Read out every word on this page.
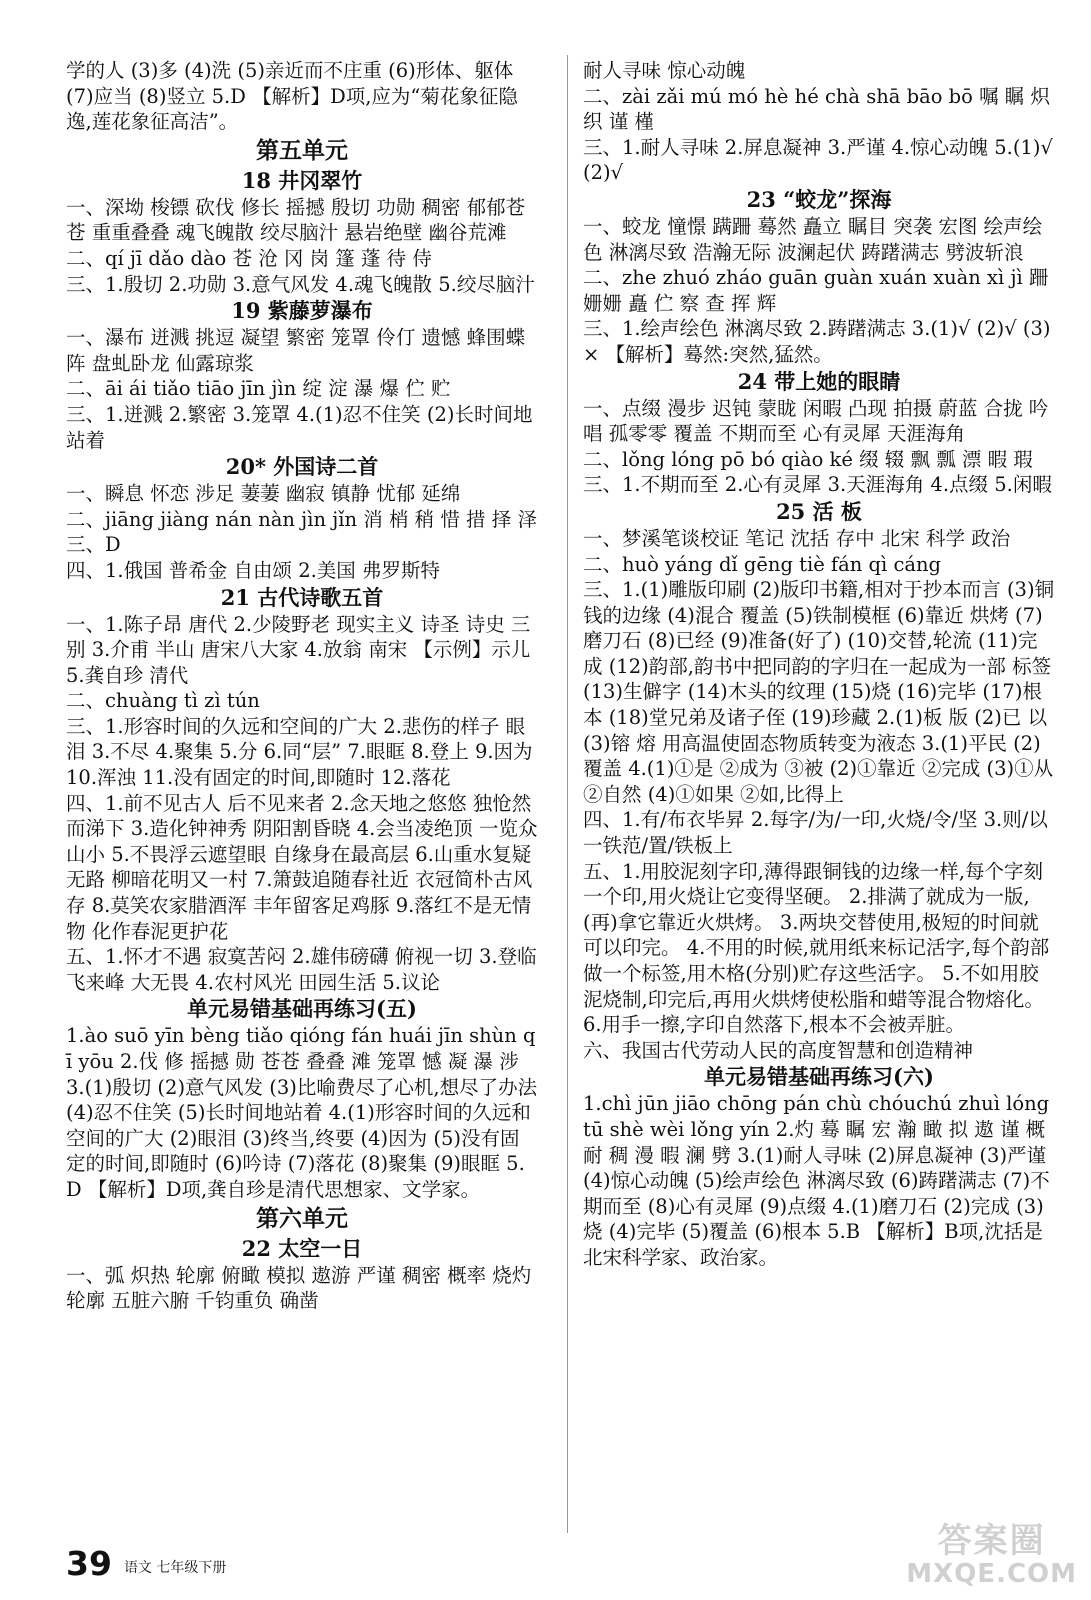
学的人 (3)多 (4)洗 (5)亲近而不庄重 (6)形体、躯体 (7)应当 (8)竖立 5.D 【解析】D项,应为“菊花象征隐逸,莲花象征高洁”。
第五单元
18 井冈翠竹
一、深坳 梭镖 砍伐 修长 摇撼 殷切 功勋 稠密 郁郁苍苍 重重叠叠 魂飞魄散 绞尽脑汁 悬岩绝壁 幽谷荒滩
二、qí jī dǎo dào 苍 沧 冈 岗 篷 蓬 待 侍
三、1.殷切 2.功勋 3.意气风发 4.魂飞魄散 5.绞尽脑汁
19 紫藤萝瀑布
一、瀑布 迸溅 挑逗 凝望 繁密 笼罩 伶仃 遗憾 蜂围蝶阵 盘虬卧龙 仙露琼浆
二、āi ái tiǎo tiāo jīn jìn 绽 淀 瀑 爆 伫 贮
三、1.迸溅 2.繁密 3.笼罩 4.(1)忍不住笑 (2)长时间地站着
20* 外国诗二首
一、瞬息 怀恋 涉足 萋萋 幽寂 镇静 忧郁 延绵
二、jiāng jiàng nán nàn jìn jǐn 消 梢 稍 惜 措 择 泽
三、D
四、1.俄国 普希金 自由颂 2.美国 弗罗斯特
21 古代诗歌五首
一、1.陈子昂 唐代 2.少陵野老 现实主义 诗圣 诗史 三别 3.介甫 半山 唐宋八大家 4.放翁 南宋 【示例】示儿 5.龚自珍 清代
二、chuàng tì zì tún
三、1.形容时间的久远和空间的广大 2.悲伤的样子 眼泪 3.不尽 4.聚集 5.分 6.同“层” 7.眼眶 8.登上 9.因为 10.浑浊 11.没有固定的时间,即随时 12.落花
四、1.前不见古人 后不见来者 2.念天地之悠悠 独怆然而涕下 3.造化钟神秀 阴阳割昏晓 4.会当凌绝顶 一览众山小 5.不畏浮云遮望眼 自缘身在最高层 6.山重水复疑无路 柳暗花明又一村 7.箫鼓追随春社近 衣冠简朴古风存 8.莫笑农家腊酒浑 丰年留客足鸡豚 9.落红不是无情物 化作春泥更护花
五、1.怀才不遇 寂寞苦闷 2.雄伟磅礴 俯视一切 3.登临飞来峰 大无畏 4.农村风光 田园生活 5.议论
单元易错基础再练习(五)
1.ào suō yīn bèng tiǎo qióng fán huái jīn shùn qī yōu 2.伐 修 摇撼 勋 苍苍 叠叠 滩 笼罩 憾 凝 瀑 涉 3.(1)殷切 (2)意气风发 (3)比喻费尽了心机,想尽了办法 (4)忍不住笑 (5)长时间地站着 4.(1)形容时间的久远和空间的广大 (2)眼泪 (3)终当,终要 (4)因为 (5)没有固定的时间,即随时 (6)吟诗 (7)落花 (8)聚集 (9)眼眶 5.D 【解析】D项,龚自珍是清代思想家、文学家。
第六单元
22 太空一日
一、弧 炽热 轮廓 俯瞰 模拟 遨游 严谨 稠密 概率 烧灼 轮廓 五脏六腑 千钧重负 确凿
耐人寻味 惊心动魄
二、zài zǎi mú mó hè hé chà shā bāo bō 嘱 瞩 炽 织 谨 槿
三、1.耐人寻味 2.屏息凝神 3.严谨 4.惊心动魄 5.(1)√ (2)√
23 “蛟龙”探海
一、蛟龙 憧憬 蹒跚 蓦然 矗立 瞩目 突袭 宏图 绘声绘色 淋漓尽致 浩瀚无际 波澜起伏 踌躇满志 劈波斩浪
二、zhe zhuó zháo guān guàn xuán xuàn xì jì 跚 姗姗 矗 伫 察 查 挥 辉
三、1.绘声绘色 淋漓尽致 2.踌躇满志 3.(1)√ (2)√ (3)× 【解析】蓦然:突然,猛然。
24 带上她的眼睛
一、点缀 漫步 迟钝 蒙眬 闲暇 凸现 拍摄 蔚蓝 合拢 吟唱 孤零零 覆盖 不期而至 心有灵犀 天涯海角
二、lǒng lóng pō bó qiào ké 缀 辍 飘 瓢 漂 暇 瑕
三、1.不期而至 2.心有灵犀 3.天涯海角 4.点缀 5.闲暇
25 活 板
一、梦溪笔谈校证 笔记 沈括 存中 北宋 科学 政治
二、huò yáng dǐ gēng tiè fán qì cáng
三、1.(1)雕版印刷 (2)版印书籍,相对于抄本而言 (3)铜钱的边缘 (4)混合 覆盖 (5)铁制模框 (6)靠近 烘烤 (7)磨刀石 (8)已经 (9)准备(好了) (10)交替,轮流 (11)完成 (12)韵部,韵书中把同韵的字归在一起成为一部 标签 (13)生僻字 (14)木头的纹理 (15)烧 (16)完毕 (17)根本 (18)堂兄弟及诸子侄 (19)珍藏 2.(1)板 版 (2)已 以 (3)镕 熔 用高温使固态物质转变为液态 3.(1)平民 (2)覆盖 4.(1)①是 ②成为 ③被 (2)①靠近 ②完成 (3)①从 ②自然 (4)①如果 ②如,比得上
四、1.有/布衣毕昇 2.每字/为/一印,火烧/令/坚 3.则/以一铁范/置/铁板上
五、1.用胶泥刻字印,薄得跟铜钱的边缘一样,每个字刻一个印,用火烧让它变得坚硬。 2.排满了就成为一版,(再)拿它靠近火烘烤。 3.两块交替使用,极短的时间就可以印完。 4.不用的时候,就用纸来标记活字,每个韵部做一个标签,用木格(分别)贮存这些活字。 5.不如用胶泥烧制,印完后,再用火烘烤使松脂和蜡等混合物熔化。 6.用手一擦,字印自然落下,根本不会被弄脏。
六、我国古代劳动人民的高度智慧和创造精神
单元易错基础再练习(六)
1.chì jūn jiāo chōng pán chù chóuchú zhuì lóng tū shè wèi lǒng yín 2.灼 蓦 瞩 宏 瀚 瞰 拟 遨 谨 概 耐 稠 漫 暇 澜 劈 3.(1)耐人寻味 (2)屏息凝神 (3)严谨 (4)惊心动魄 (5)绘声绘色 淋漓尽致 (6)踌躇满志 (7)不期而至 (8)心有灵犀 (9)点缀 4.(1)磨刀石 (2)完成 (3)烧 (4)完毕 (5)覆盖 (6)根本 5.B 【解析】B项,沈括是北宋科学家、政治家。
39 语文 七年级下册
答案圈
MXQE.COM
